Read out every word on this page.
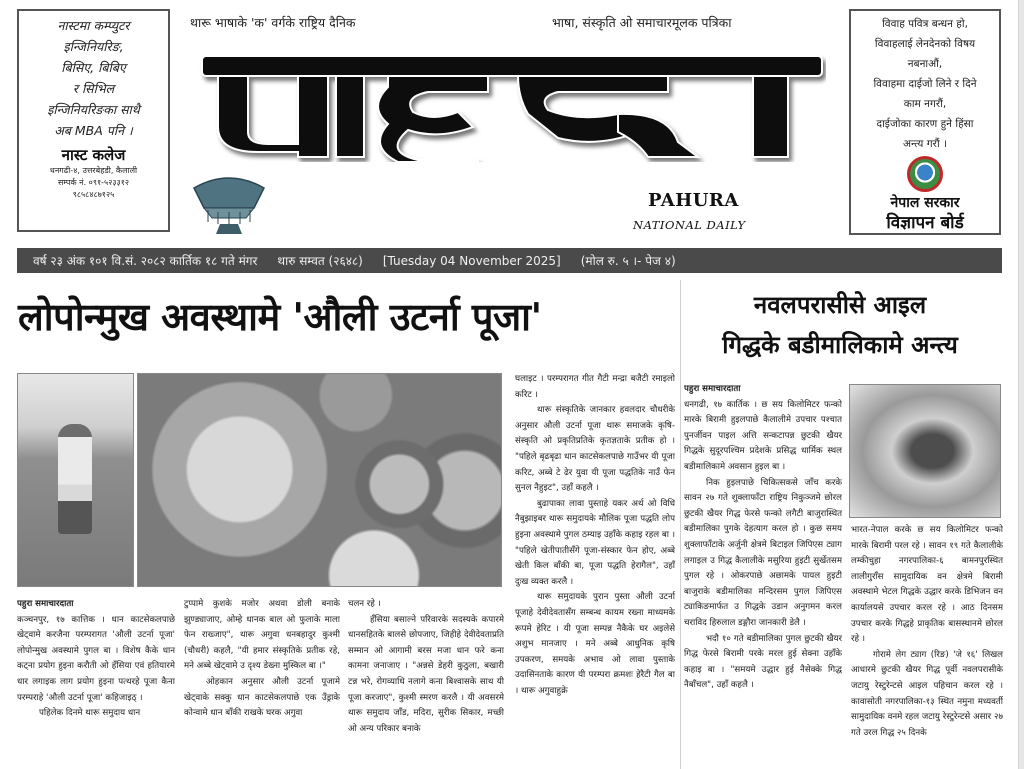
नास्टमा कम्प्युटर
इन्जिनियरिङ,
बिसिए, बिबिए
र सिभिल
इन्जिनियरिङका साथै
अब MBA पनि ।
नास्ट कलेज
धनगढी-४, उत्तरबेहडी, कैलाली
सम्पर्क नं. ०९१-५२३३१२
९८५८४८७१२५
विवाह पवित्र बन्धन हो,
विवाहलाई लेनदेनको विषय
नबनाऔं,
विवाहमा दाईजो लिने र दिने
काम नगरौं,
दाईजोका कारण हुने हिंसा
अन्त्य गरौं ।
नेपाल सरकार
विज्ञापन बोर्ड
थारू भाषाके 'क' वर्गके राष्ट्रिय दैनिक	भाषा, संस्कृति ओ समाचारमूलक पत्रिका
PAHURA
NATIONAL DAILY
वर्ष २३ अंक १०१ वि.सं. २०८२ कार्तिक १८ गते मंगर थारु सम्वत (२६४८) [Tuesday 04 November 2025] (मोल रु. ५ ।- पेज ४)
लोपोन्मुख अवस्थामे 'औली उटर्ना पूजा'	नवलपरासीसे आइल
गिद्धके बडीमालिकामे अन्त्य

पहुरा समाचारदाता

कञ्चनपुर, १७ कात्तिक । धान काटसेकलपाछे खेट्वामे करजैना परम्परागत 'औली उटर्ना पूजा' लोपोन्मुख अवस्थामे पुगल बा । विशेष कैके धान कट्ना प्रयोग हुइना करौती ओ हँसिया एवं हतियारमे धार लगाइक लाग प्रयोग हुइना पत्थरहे पूजा कैना परम्पराहे 'औली उटर्ना पूजा' कहिजाइठ् ।

पहिलेक दिनमे थारू समुदाय धान

टुप्पामे कुशके मजोर अथवा डोली बनाके झुण्ड्याजाए, ओम्हे धानक बाल ओ फुलाके माला फेन राख्जाए", थारू अगुवा धनबहादुर कुश्मी (चौधरी) कहलै, "यी हमार संस्कृतिके प्रतीक रहे, मने अब्बे खेट्वामे उ दृश्य डेख्ना मुस्किल बा ।"

ओहकान अनुसार औली उटर्ना पूजामे खेट्वाके सक्कु धान काटसेकलपाछे एक उँड्राके कोन्वामे धान बाँकी राखके घरक अगुवा

चलन रहे ।

हँसिया बसाल्ने परिवारके सदस्यके कपारमे धानसहितके बालसे छोपजाए, जिहीहे देवीदेवताप्रति सम्मान ओ आगामी बरस मजा धान फरे कना कामना जनाजाए । "अन्नसे डेहरी कुठुला, बखारी टन्न भरे, रोगव्याधि नलागे कना बिश्वासके साथ यी पूजा करजाए", कुश्मी स्मरण करलै । यी अवसरमे थारू समुदाय जाँड, मदिरा, सुरीक सिकार, मच्छी ओ अन्य परिकार बनाके

घलाइट । परम्परागत गीत गैटी मन्द्रा बजैटी रमाइलो करिट ।

थारू संस्कृतिके जानकार हवलदार चौधरीके अनुसार औली उटर्ना पूजा थारू समाजके कृषि-संस्कृति ओ प्रकृतिप्रतिके कृतज्ञताके प्रतीक हो । "पहिले बृढबृढा धान काटसेकलपाछे गाउँभर यी पूजा करिट, अब्बे टे ढेर युवा यी पूजा पद्धतिके नाउँ फेन सुनल नैहुइट", उहाँ कहलै ।

बुढापाका लावा पुस्ताहे यकर अर्थ ओ विधि नैबुझाइबर थारू समुदायके मौलिक पूजा पद्धति लोप हुइना अवस्थामे पुगल ठम्याइ उहाँके कहाइ रहल बा । "पहिले खेतीपातीसँगे पूजा-संस्कार फेन होए, अब्बे खेती किल बाँकी बा, पूजा पद्धति हेरागैल", उहाँ दुःख व्यक्त करलै ।

थारू समुदायके पुरान पुस्ता औली उटर्ना पूजाहे देवीदेवतासँग सम्बन्ध कायम रख्ना माध्यमके रूपमे हेरिट । यी पूजा सम्पन्न नैकैके घर अइलेसे अशुभ मानजाए । मने अब्बे आधुनिक कृषि उपकरण, समयके अभाव ओ लावा पुस्ताके उदासिनताके कारण यी परम्परा क्रमशः हेरैटी गैल बा । थारू अगुवाहुक्रे

पहुरा समाचारदाता

धनगढी, १७ कार्तिक । छ सय किलोमिटर फन्को मारके बिरामी हुइलपाछे कैलालीमे उपचार पश्चात पुनर्जीवन पाइल अत्ति सन्कटापन्न छुटकी खैयर गिद्धके सुदूरपश्चिम प्रदेशके प्रसिद्ध धार्मिक स्थल बडीमालिकामे अवसान हुइल बा ।

निक हुइलपाछे चिकित्सकसे जाँच करके सावन २७ गते शुक्लाफाँटा राष्ट्रिय निकुञ्जमे छोरल छुटकी खैयर गिद्ध फेरसे फन्को लगैटी बाजुरास्थित बडीमालिका पुगके देहत्याग करल हो । कुछ समय शुक्लाफाँटाके अर्जुनी क्षेत्रमे बिटाइल जिपिएस ट्याग लगाइल उ गिद्ध कैलालीके मसुरिया हुइटी सुर्खेतसम पुगल रहे । ओकरपाछे अछामके पायल हुइटी बाजुराके बडीमालिका मन्दिरसम पुगल जिपिएस ट्याकिङमार्फत उ गिद्धके उडान अनुगमन करल चराविद हिरुलाल डङ्गौरा जानकारी डेलै ।

भदौ १० गते बडीमालिका पुगल छुटकी खैयर गिद्ध फेरसे बिरामी परके मरल हुई सेक्ना उहाँके कहाइ बा । "समयमे उद्धार हुई नैसेक्के गिद्ध नैबाँचल", उहाँ कहलै ।

भारत-नेपाल करके छ सय किलोमिटर फन्को मारके बिरामी परल रहे । सावन १९ गते कैलालीके लम्कीचुहा नगरपालिका-६ बामनपुरस्थित लालीगुराँस सामुदायिक वन क्षेत्रमे बिरामी अवस्थामे भेटल गिद्धके उद्धार करके डिभिजन वन कार्यालयसे उपचार करल रहे । आठ दिनसम उपचार करके गिद्धहे प्राकृतिक बासस्थानमे छोरल रहे ।

गोरामे लेग ट्याग (रिङ) 'जे १६' लिखल आधारमे छुटकी खैयर गिद्ध पूर्वी नवलपरासीके जटायु रेस्टुरेन्टसे आइल पहिचान करल रहे । कावासोती नगरपालिका-१३ स्थित नमुना मध्यवर्ती सामुदायिक वनमे रहल जटायु रेस्टुरेन्टसे असार २७ गते उरल गिद्ध २५ दिनके
